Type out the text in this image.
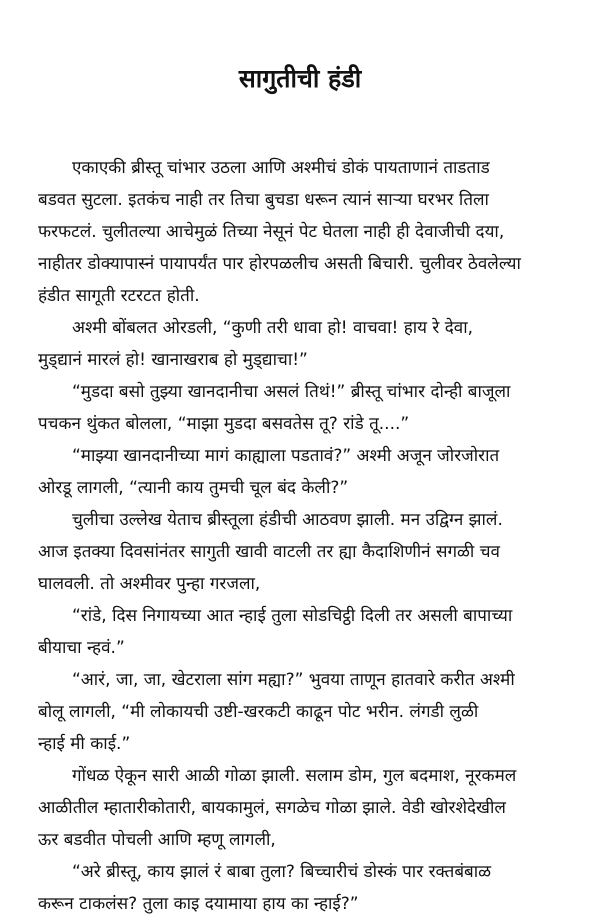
सागुतीची हंडी
एकाएकी ब्रीस्तू चांभार उठला आणि अश्मीचं डोकं पायताणानं ताडताड
बडवत सुटला. इतकंच नाही तर तिचा बुचडा धरून त्यानं साऱ्या घरभर तिला
फरफटलं. चुलीतल्या आचेमुळं तिच्या नेसूनं पेट घेतला नाही ही देवाजीची दया,
नाहीतर डोक्यापास्नं पायापर्यंत पार होरपळलीच असती बिचारी. चुलीवर ठेवलेल्या
हंडीत सागूती रटरटत होती.
अश्मी बोंबलत ओरडली, “कुणी तरी धावा हो! वाचवा! हाय रे देवा,
मुड्द्यानं मारलं हो! खानाखराब हो मुड्द्याचा!”
“मुडदा बसो तुझ्या खानदानीचा असलं तिथं!” ब्रीस्तू चांभार दोन्ही बाजूला
पचकन थुंकत बोलला, “माझा मुडदा बसवतेस तू? रांडे तू....”
“माझ्या खानदानीच्या मागं काह्याला पडतावं?” अश्मी अजून जोरजोरात
ओरडू लागली, “त्यानी काय तुमची चूल बंद केली?”
चुलीचा उल्लेख येताच ब्रीस्तूला हंडीची आठवण झाली. मन उद्विग्न झालं.
आज इतक्या दिवसांनंतर सागुती खावी वाटली तर ह्या कैदाशिणीनं सगळी चव
घालवली. तो अश्मीवर पुन्हा गरजला,
“रांडे, दिस निगायच्या आत न्हाई तुला सोडचिट्ठी दिली तर असली बापाच्या
बीयाचा न्हवं.”
“आरं, जा, जा, खेटराला सांग मह्या?” भुवया ताणून हातवारे करीत अश्मी
बोलू लागली, “मी लोकायची उष्टी-खरकटी काढून पोट भरीन. लंगडी लुळी
न्हाई मी काई.”
गोंधळ ऐकून सारी आळी गोळा झाली. सलाम डोम, गुल बदमाश, नूरकमल
आळीतील म्हातारीकोतारी, बायकामुलं, सगळेच गोळा झाले. वेडी खोरशेदेखील
ऊर बडवीत पोचली आणि म्हणू लागली,
“अरे ब्रीस्तू, काय झालं रं बाबा तुला? बिच्चारीचं डोस्कं पार रक्तबंबाळ
करून टाकलंस? तुला काइ दयामाया हाय का न्हाई?”
